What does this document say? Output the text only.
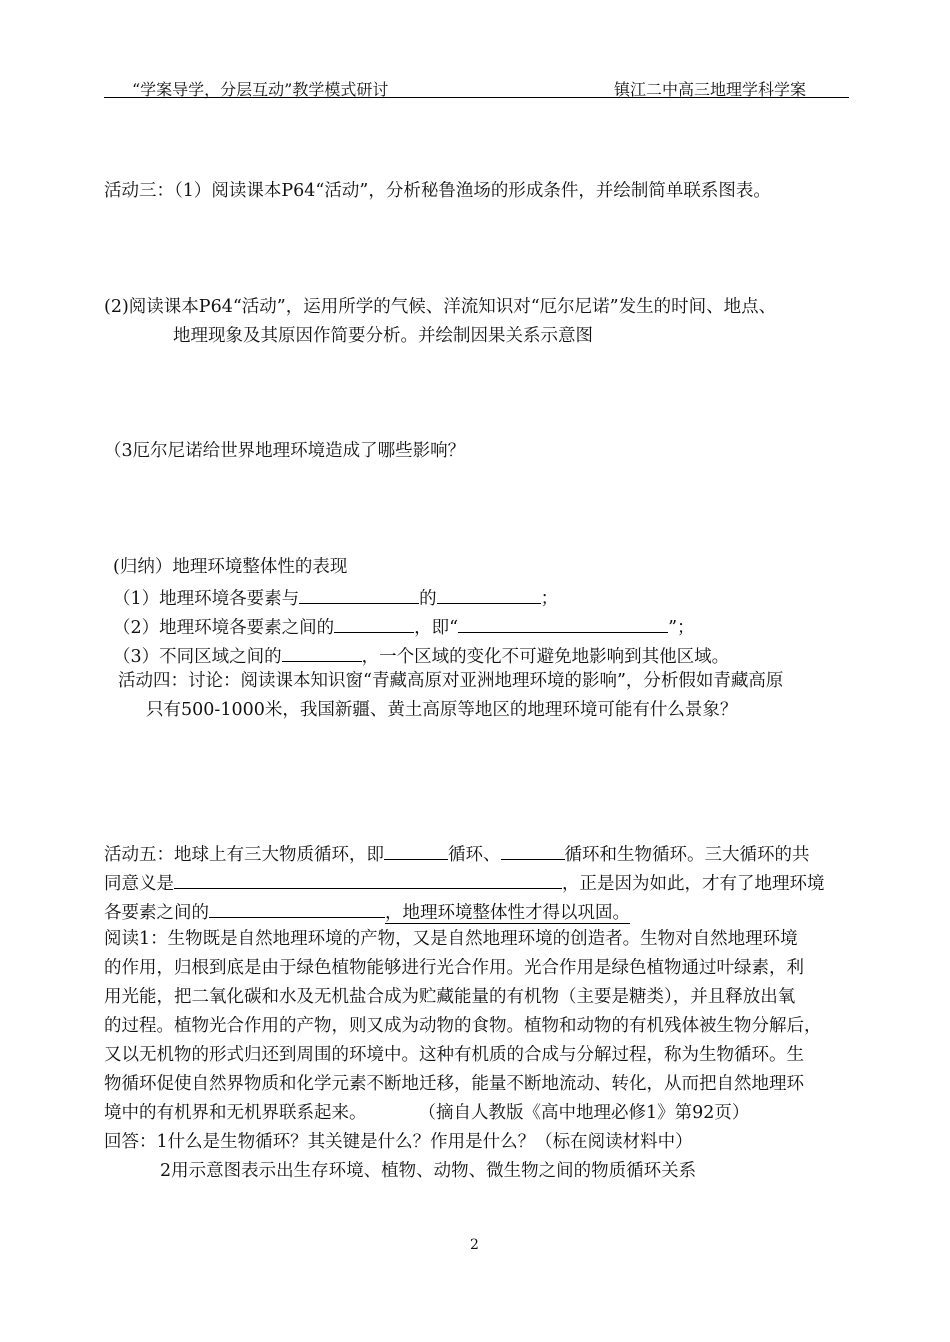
“学案导学，分层互动”教学模式研讨	镇江二中高三地理学科学案
活动三：（1）阅读课本P64“活动”，分析秘鲁渔场的形成条件，并绘制简单联系图表。
(2)阅读课本P64“活动”，运用所学的气候、洋流知识对“厄尔尼诺”发生的时间、地点、
地理现象及其原因作简要分析。并绘制因果关系示意图
（3厄尔尼诺给世界地理环境造成了哪些影响？
(归纳）地理环境整体性的表现
（1）地理环境各要素与	的	；
（2）地理环境各要素之间的	，即“	”；
（3）不同区域之间的	，一个区域的变化不可避免地影响到其他区域。
活动四：讨论：阅读课本知识窗“青藏高原对亚洲地理环境的影响”，分析假如青藏高原
只有500-1000米，我国新疆、黄土高原等地区的地理环境可能有什么景象？
活动五：地球上有三大物质循环，即	循环、	循环和生物循环。三大循环的共
同意义是	，正是因为如此，才有了地理环境
各要素之间的	，地理环境整体性才得以巩固。
阅读1：生物既是自然地理环境的产物，又是自然地理环境的创造者。生物对自然地理环境
的作用，归根到底是由于绿色植物能够进行光合作用。光合作用是绿色植物通过叶绿素，利
用光能，把二氧化碳和水及无机盐合成为贮藏能量的有机物（主要是糖类），并且释放出氧
的过程。植物光合作用的产物，则又成为动物的食物。植物和动物的有机残体被生物分解后，
又以无机物的形式归还到周围的环境中。这种有机质的合成与分解过程，称为生物循环。生
物循环促使自然界物质和化学元素不断地迁移，能量不断地流动、转化，从而把自然地理环
境中的有机界和无机界联系起来。	（摘自人教版《高中地理必修1》第92页）
回答：1什么是生物循环？其关键是什么？作用是什么？（标在阅读材料中）
2用示意图表示出生存环境、植物、动物、微生物之间的物质循环关系
2
